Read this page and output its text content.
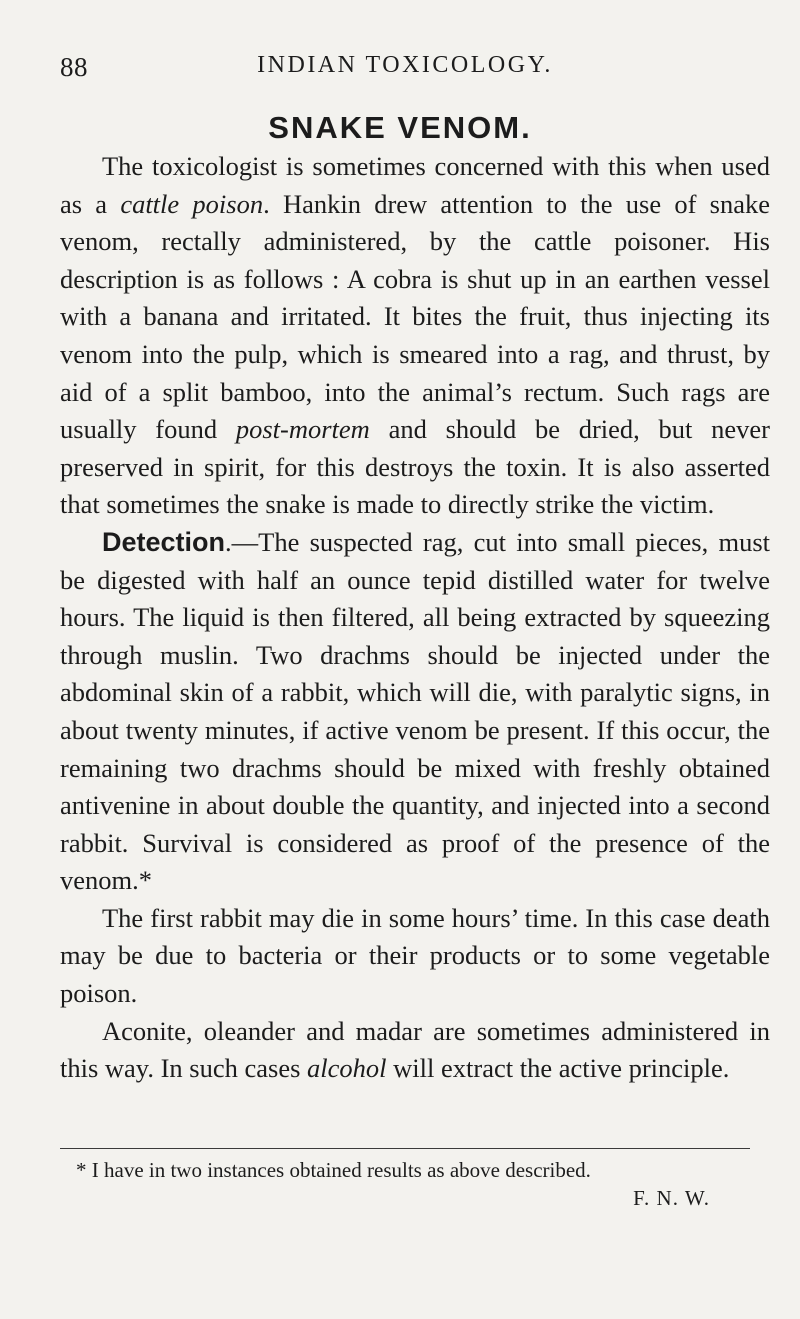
88	INDIAN TOXICOLOGY.
SNAKE VENOM.

The toxicologist is sometimes concerned with this when used as a cattle poison. Hankin drew attention to the use of snake venom, rectally administered, by the cattle poisoner. His description is as follows : A cobra is shut up in an earthen vessel with a banana and irritated. It bites the fruit, thus injecting its venom into the pulp, which is smeared into a rag, and thrust, by aid of a split bamboo, into the animal’s rectum. Such rags are usually found post-mortem and should be dried, but never preserved in spirit, for this destroys the toxin. It is also asserted that sometimes the snake is made to directly strike the victim.

Detection.—The suspected rag, cut into small pieces, must be digested with half an ounce tepid distilled water for twelve hours. The liquid is then filtered, all being extracted by squeezing through muslin. Two drachms should be injected under the abdominal skin of a rabbit, which will die, with paralytic signs, in about twenty minutes, if active venom be present. If this occur, the remaining two drachms should be mixed with freshly obtained antivenine in about double the quantity, and injected into a second rabbit. Survival is considered as proof of the presence of the venom.*

The first rabbit may die in some hours’ time. In this case death may be due to bacteria or their products or to some vegetable poison.

Aconite, oleander and madar are sometimes administered in this way. In such cases alcohol will extract the active principle.

* I have in two instances obtained results as above described.

F. N. W.
